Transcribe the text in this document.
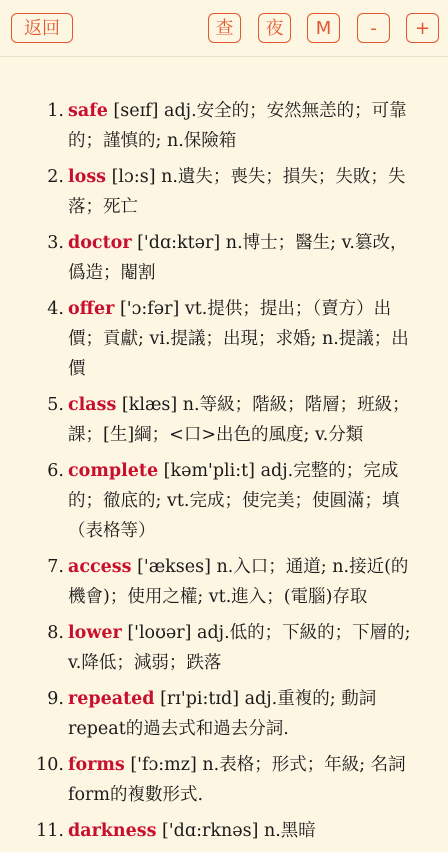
返回	查	夜	M	-	+
1. safe [seɪf] adj.安全的；安然無恙的；可靠的；謹慎的; n.保險箱
2. loss [lɔ:s] n.遺失；喪失；損失；失敗；失落；死亡
3. doctor ['dɑ:ktər] n.博士；醫生; v.篡改，僞造；閹割
4. offer ['ɔ:fər] vt.提供；提出；（賣方）出價；貢獻; vi.提議；出現；求婚; n.提議；出價
5. class [klæs] n.等級；階級；階層；班級；課；[生]綱；<口>出色的風度; v.分類
6. complete [kəm'pli:t] adj.完整的；完成的；徹底的; vt.完成；使完美；使圓滿；填（表格等）
7. access ['ækses] n.入口；通道; n.接近(的機會)；使用之權; vt.進入；(電腦)存取
8. lower ['loʊər] adj.低的；下級的；下層的; v.降低；減弱；跌落
9. repeated [rɪ'pi:tɪd] adj.重複的; 動詞repeat的過去式和過去分詞.
10. forms ['fɔ:mz] n.表格；形式；年級; 名詞form的複數形式.
11. darkness ['dɑ:rknəs] n.黑暗
